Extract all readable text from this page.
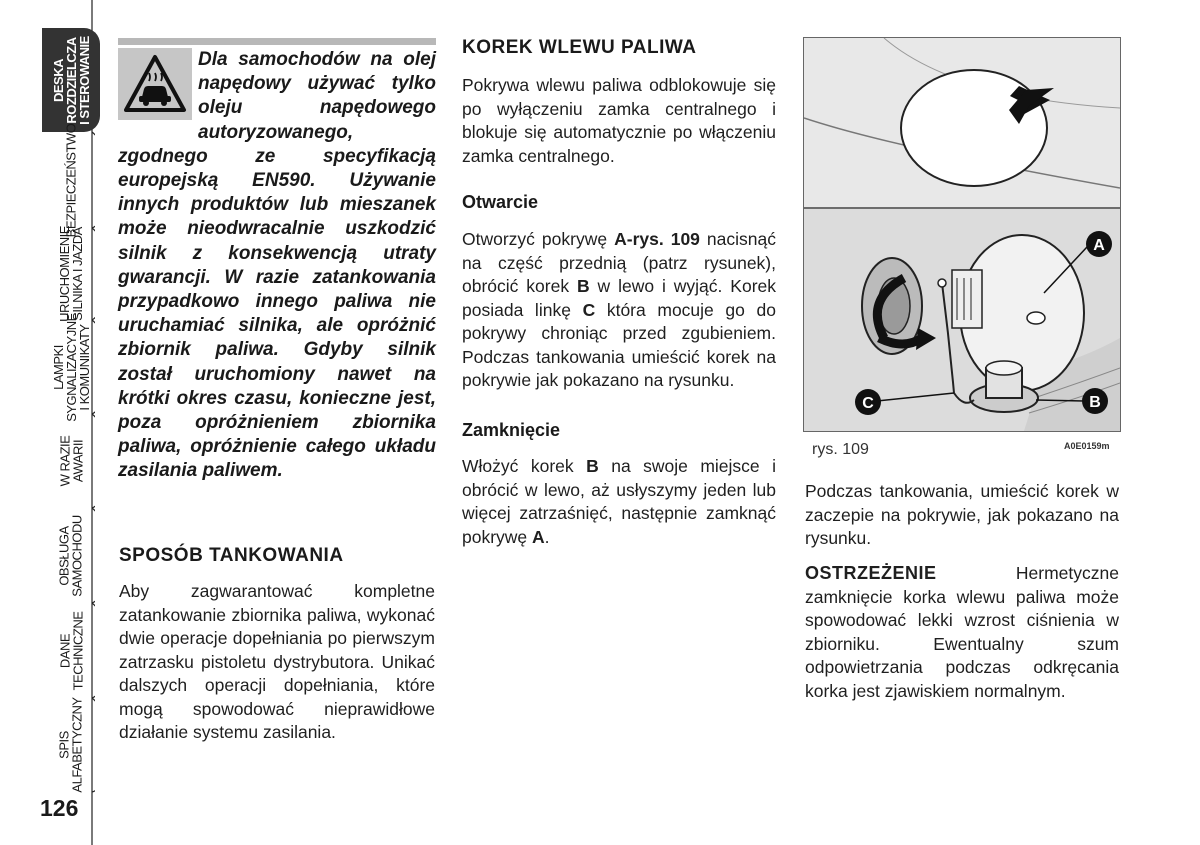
DESKA
ROZDZIELCZA
I STEROWANIE
BEZPIECZEŃSTWO
URUCHOMIENIE
SILNIKA I JAZDA
LAMPKI
SYGNALIZACYJNE
I KOMUNIKATY
W RAZIE
AWARII
OBSŁUGA
SAMOCHODU
DANE
TECHNICZNE
SPIS
ALFABETYCZNY
126

Dla samochodów na olej napędowy używać tylko oleju napędowego autoryzowanego, zgodnego ze specyfikacją europejską EN590. Używanie innych produktów lub mieszanek może nieodwracalnie uszkodzić silnik z konsekwencją utraty gwarancji. W razie zatankowania przypadkowo innego paliwa nie uruchamiać silnika, ale opróżnić zbiornik paliwa. Gdyby silnik został uruchomiony nawet na krótki okres czasu, konieczne jest, poza opróżnieniem zbiornika paliwa, opróżnienie całego układu zasilania paliwem.

SPOSÓB TANKOWANIA

Aby zagwarantować kompletne zatankowanie zbiornika paliwa, wykonać dwie operacje dopełniania po pierwszym zatrzasku pistoletu dystrybutora. Unikać dalszych operacji dopełniania, które mogą spowodować nieprawidłowe działanie systemu zasilania.

KOREK WLEWU PALIWA

Pokrywa wlewu paliwa odblokowuje się po wyłączeniu zamka centralnego i blokuje się automatycznie po włączeniu zamka centralnego.

Otwarcie

Otworzyć pokrywę A-rys. 109 nacisnąć na część przednią (patrz rysunek), obrócić korek B w lewo i wyjąć. Korek posiada linkę C która mocuje go do pokrywy chroniąc przed zgubieniem. Podczas tankowania umieścić korek na pokrywie jak pokazano na rysunku.

Zamknięcie

Włożyć korek B na swoje miejsce i obrócić w lewo, aż usłyszymy jeden lub więcej zatrzaśnięć, następnie zamknąć pokrywę A.

A
C	B
rys. 109	A0E0159m

Podczas tankowania, umieścić korek w zaczepie na pokrywie, jak pokazano na rysunku.

OSTRZEŻENIE Hermetyczne zamknięcie korka wlewu paliwa może spowodować lekki wzrost ciśnienia w zbiorniku. Ewentualny szum odpowietrzania podczas odkręcania korka jest zjawiskiem normalnym.
